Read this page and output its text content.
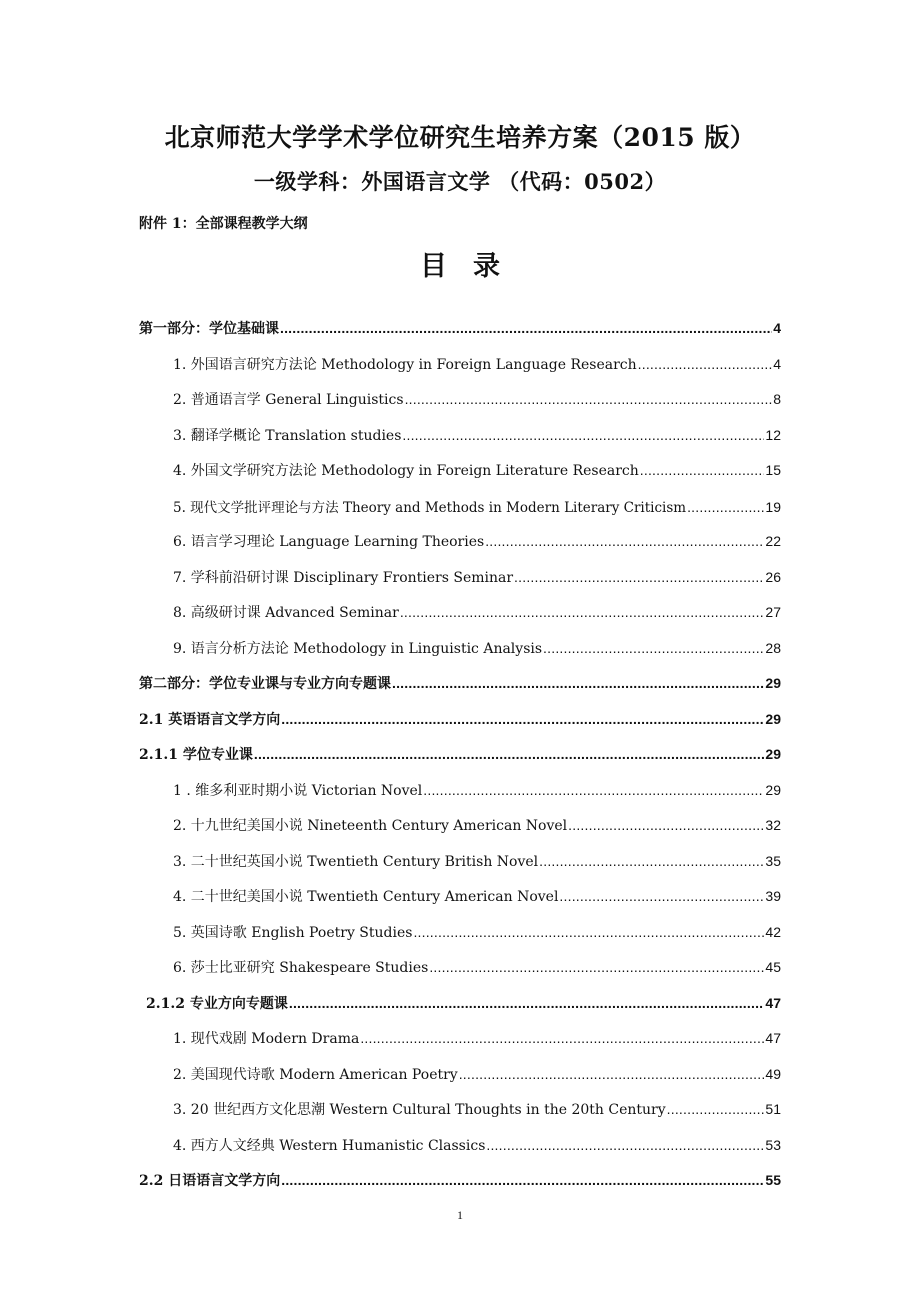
北京师范大学学术学位研究生培养方案（2015 版）
一级学科：外国语言文学 （代码：0502）
附件 1：全部课程教学大纲
目录
第一部分：学位基础课 .....	4
1. 外国语言研究方法论 Methodology in Foreign Language Research .....	4
2. 普通语言学 General Linguistics .....	8
3. 翻译学概论 Translation studies .....	12
4. 外国文学研究方法论 Methodology in Foreign Literature Research .....	15
5. 现代文学批评理论与方法 Theory and Methods in Modern Literary Criticism .....	19
6. 语言学习理论 Language Learning Theories .....	22
7. 学科前沿研讨课 Disciplinary Frontiers Seminar .....	26
8. 高级研讨课 Advanced Seminar .....	27
9. 语言分析方法论 Methodology in Linguistic Analysis .....	28
第二部分：学位专业课与专业方向专题课 .....	29
2.1 英语语言文学方向 .....	29
2.1.1 学位专业课 .....	29
1 . 维多利亚时期小说 Victorian Novel .....	29
2. 十九世纪美国小说 Nineteenth Century American Novel .....	32
3. 二十世纪英国小说 Twentieth Century British Novel .....	35
4. 二十世纪美国小说 Twentieth Century American Novel .....	39
5. 英国诗歌 English Poetry Studies .....	42
6. 莎士比亚研究 Shakespeare Studies .....	45
2.1.2 专业方向专题课 .....	47
1. 现代戏剧 Modern Drama .....	47
2. 美国现代诗歌 Modern American Poetry .....	49
3. 20 世纪西方文化思潮 Western Cultural Thoughts in the 20th Century .....	51
4. 西方人文经典 Western Humanistic Classics .....	53
2.2 日语语言文学方向 .....	55
1
